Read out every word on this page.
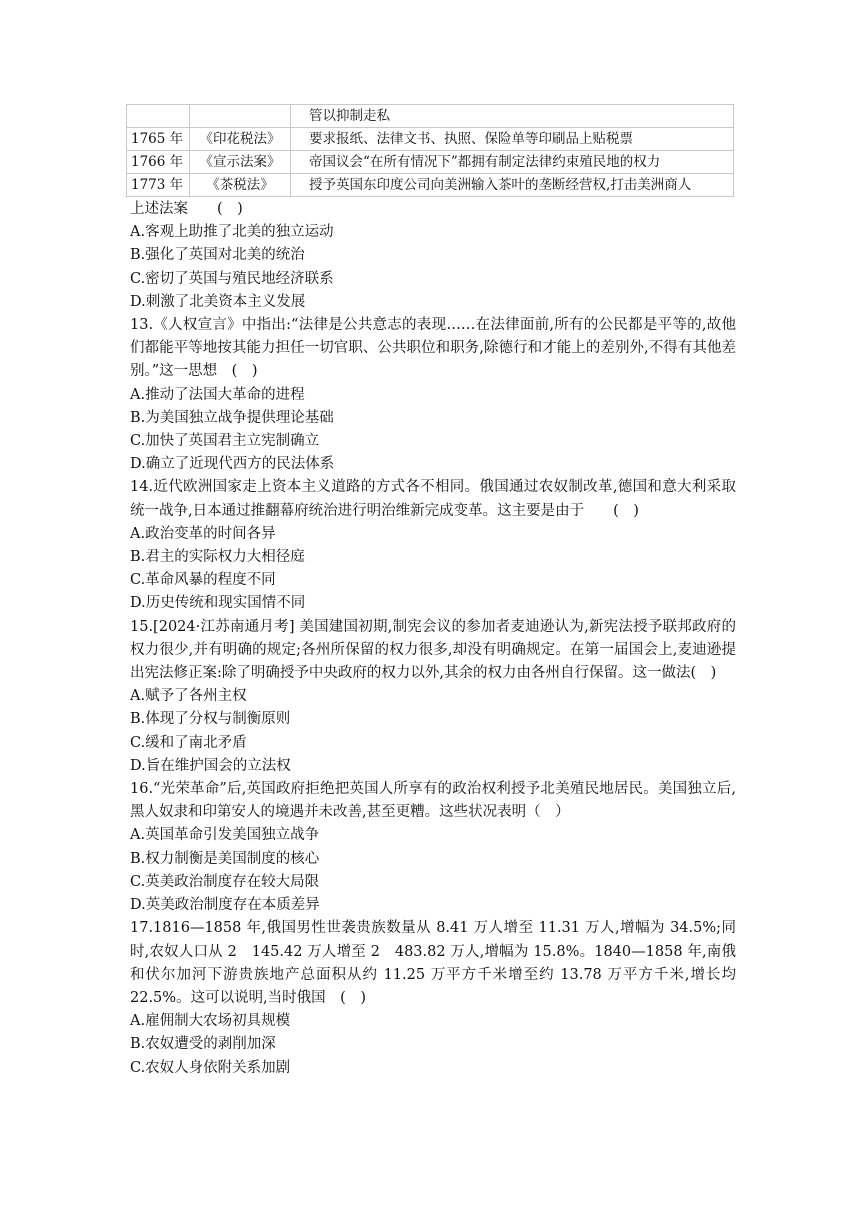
		管以抑制走私
1765 年	《印花税法》	要求报纸、法律文书、执照、保险单等印刷品上贴税票
1766 年	《宣示法案》	帝国议会“在所有情况下”都拥有制定法律约束殖民地的权力
1773 年	《茶税法》	授予英国东印度公司向美洲输入茶叶的垄断经营权,打击美洲商人

上述法案　　(　)

A.客观上助推了北美的独立运动

B.强化了英国对北美的统治

C.密切了英国与殖民地经济联系

D.刺激了北美资本主义发展

13.《人权宣言》中指出:“法律是公共意志的表现……在法律面前,所有的公民都是平等的,故他们都能平等地按其能力担任一切官职、公共职位和职务,除德行和才能上的差别外,不得有其他差别。”这一思想　(　)

A.推动了法国大革命的进程

B.为美国独立战争提供理论基础

C.加快了英国君主立宪制确立

D.确立了近现代西方的民法体系

14.近代欧洲国家走上资本主义道路的方式各不相同。俄国通过农奴制改革,德国和意大利采取统一战争,日本通过推翻幕府统治进行明治维新完成变革。这主要是由于　　(　)

A.政治变革的时间各异

B.君主的实际权力大相径庭

C.革命风暴的程度不同

D.历史传统和现实国情不同

15.[2024·江苏南通月考] 美国建国初期,制宪会议的参加者麦迪逊认为,新宪法授予联邦政府的权力很少,并有明确的规定;各州所保留的权力很多,却没有明确规定。在第一届国会上,麦迪逊提出宪法修正案:除了明确授予中央政府的权力以外,其余的权力由各州自行保留。这一做法(　)

A.赋予了各州主权

B.体现了分权与制衡原则

C.缓和了南北矛盾

D.旨在维护国会的立法权

16.“光荣革命”后,英国政府拒绝把英国人所享有的政治权利授予北美殖民地居民。美国独立后,黑人奴隶和印第安人的境遇并未改善,甚至更糟。这些状况表明（　）

A.英国革命引发美国独立战争

B.权力制衡是美国制度的核心

C.英美政治制度存在较大局限

D.英美政治制度存在本质差异

17.1816—1858 年,俄国男性世袭贵族数量从 8.41 万人增至 11.31 万人,增幅为 34.5%;同时,农奴人口从 2　145.42 万人增至 2　483.82 万人,增幅为 15.8%。1840—1858 年,南俄和伏尔加河下游贵族地产总面积从约 11.25 万平方千米增至约 13.78 万平方千米,增长均 22.5%。这可以说明,当时俄国　(　)

A.雇佣制大农场初具规模

B.农奴遭受的剥削加深

C.农奴人身依附关系加剧
